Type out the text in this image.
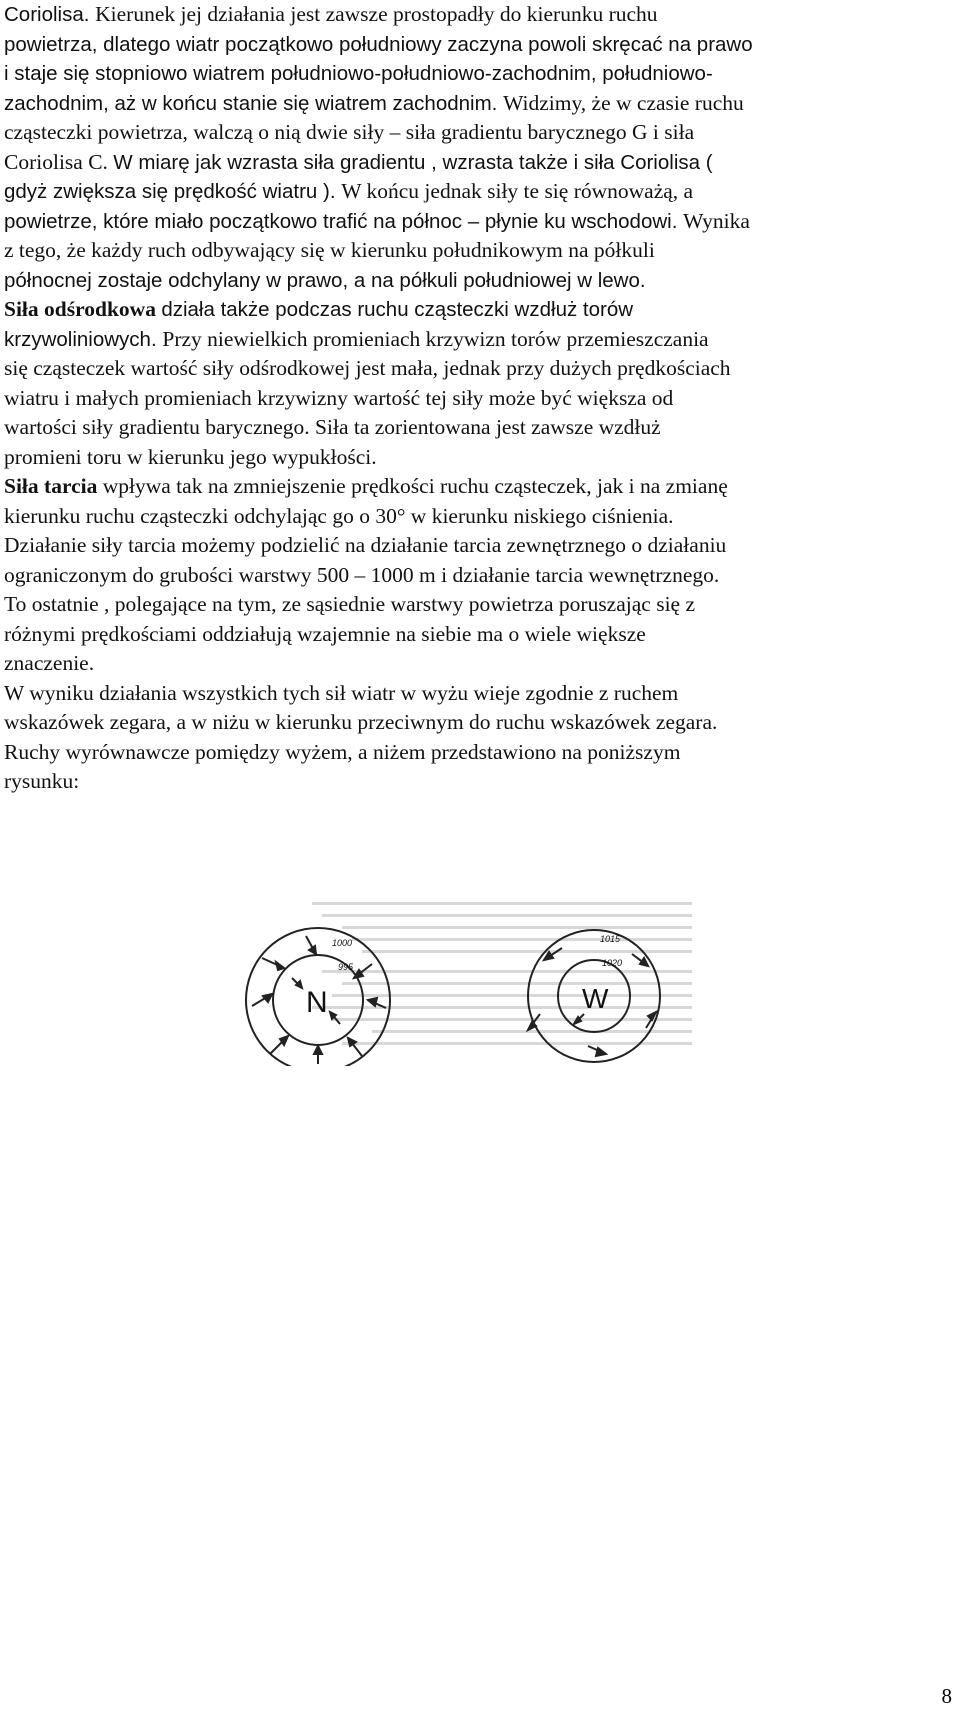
Coriolisa. Kierunek jej działania jest zawsze prostopadły do kierunku ruchu
powietrza, dlatego wiatr początkowo południowy zaczyna powoli skręcać na prawo
i staje się stopniowo wiatrem południowo-południowo-zachodnim, południowo-
zachodnim, aż w końcu stanie się wiatrem zachodnim. Widzimy, że w czasie ruchu
cząsteczki powietrza, walczą o nią dwie siły – siła gradientu barycznego G i siła
Coriolisa C. W miarę jak wzrasta siła gradientu , wzrasta także i siła Coriolisa (
gdyż zwiększa się prędkość wiatru ). W końcu jednak siły te się równoważą, a
powietrze, które miało początkowo trafić na północ – płynie ku wschodowi. Wynika
z tego, że każdy ruch odbywający się w kierunku południkowym na półkuli
północnej zostaje odchylany w prawo, a na półkuli południowej w lewo.
Siła odśrodkowa działa także podczas ruchu cząsteczki wzdłuż torów
krzywoliniowych. Przy niewielkich promieniach krzywizn torów przemieszczania
się cząsteczek wartość siły odśrodkowej jest mała, jednak przy dużych prędkościach
wiatru i małych promieniach krzywizny wartość tej siły może być większa od
wartości siły gradientu barycznego. Siła ta zorientowana jest zawsze wzdłuż
promieni toru w kierunku jego wypukłości.
Siła tarcia wpływa tak na zmniejszenie prędkości ruchu cząsteczek, jak i na zmianę
kierunku ruchu cząsteczki odchylając go o 30° w kierunku niskiego ciśnienia.
Działanie siły tarcia możemy podzielić na działanie tarcia zewnętrznego o działaniu
ograniczonym do grubości warstwy 500 – 1000 m i działanie tarcia wewnętrznego.
To ostatnie , polegające na tym, ze sąsiednie warstwy powietrza poruszając się z
różnymi prędkościami oddziałują wzajemnie na siebie ma o wiele większe
znaczenie.
W wyniku działania wszystkich tych sił wiatr w wyżu wieje zgodnie z ruchem
wskazówek zegara, a w niżu w kierunku przeciwnym do ruchu wskazówek zegara.
Ruchy wyrównawcze pomiędzy wyżem, a niżem przedstawiono na poniższym
rysunku:
N
1000
995
W
1015
1020
8
